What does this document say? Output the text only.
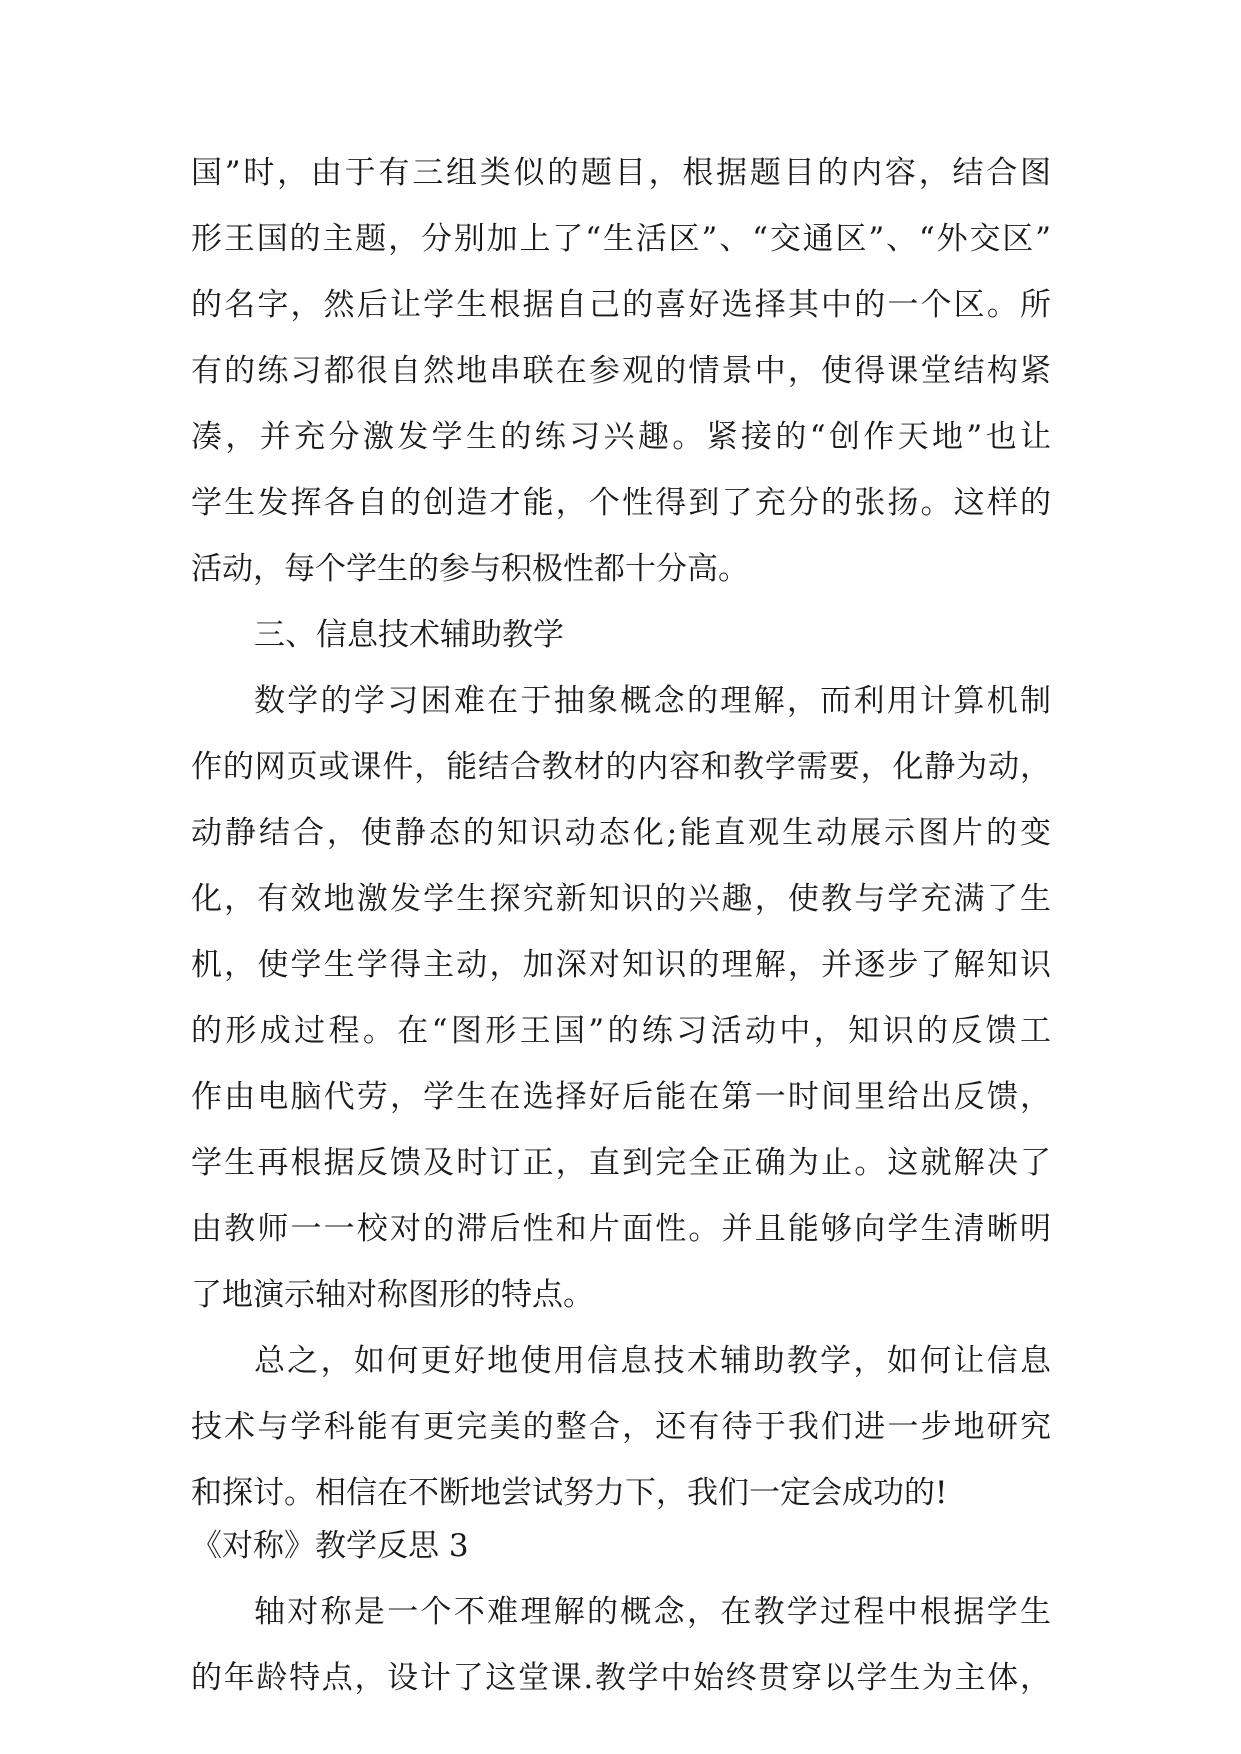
国”时，由于有三组类似的题目，根据题目的内容，结合图
形王国的主题，分别加上了“生活区”、“交通区”、“外交区”
的名字，然后让学生根据自己的喜好选择其中的一个区。所
有的练习都很自然地串联在参观的情景中，使得课堂结构紧
凑，并充分激发学生的练习兴趣。紧接的“创作天地”也让
学生发挥各自的创造才能，个性得到了充分的张扬。这样的
活动，每个学生的参与积极性都十分高。
三、信息技术辅助教学
数学的学习困难在于抽象概念的理解，而利用计算机制
作的网页或课件，能结合教材的内容和教学需要，化静为动，
动静结合，使静态的知识动态化;能直观生动展示图片的变
化，有效地激发学生探究新知识的兴趣，使教与学充满了生
机，使学生学得主动，加深对知识的理解，并逐步了解知识
的形成过程。在“图形王国”的练习活动中，知识的反馈工
作由电脑代劳，学生在选择好后能在第一时间里给出反馈，
学生再根据反馈及时订正，直到完全正确为止。这就解决了
由教师一一校对的滞后性和片面性。并且能够向学生清晰明
了地演示轴对称图形的特点。
总之，如何更好地使用信息技术辅助教学，如何让信息
技术与学科能有更完美的整合，还有待于我们进一步地研究
和探讨。相信在不断地尝试努力下，我们一定会成功的!
《对称》教学反思 3
轴对称是一个不难理解的概念，在教学过程中根据学生
的年龄特点，设计了这堂课.教学中始终贯穿以学生为主体，
